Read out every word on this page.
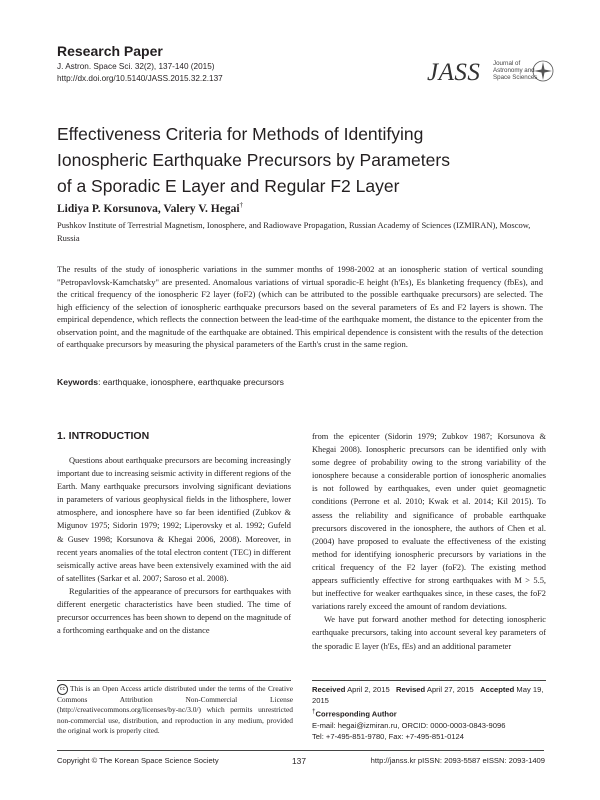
Research Paper
J. Astron. Space Sci. 32(2), 137-140 (2015)
http://dx.doi.org/10.5140/JASS.2015.32.2.137	JASS Journal of
Astronomy and
Space Sciences
Effectiveness Criteria for Methods of Identifying
Ionospheric Earthquake Precursors by Parameters
of a Sporadic E Layer and Regular F2 Layer
Lidiya P. Korsunova, Valery V. Hegai†
Pushkov Institute of Terrestrial Magnetism, Ionosphere, and Radiowave Propagation, Russian Academy of Sciences (IZMIRAN), Moscow, Russia
The results of the study of ionospheric variations in the summer months of 1998-2002 at an ionospheric station of vertical sounding "Petropavlovsk-Kamchatsky" are presented. Anomalous variations of virtual sporadic-E height (h'Es), Es blanketing frequency (fbEs), and the critical frequency of the ionospheric F2 layer (foF2) (which can be attributed to the possible earthquake precursors) are selected. The high efficiency of the selection of ionospheric earthquake precursors based on the several parameters of Es and F2 layers is shown. The empirical dependence, which reflects the connection between the lead-time of the earthquake moment, the distance to the epicenter from the observation point, and the magnitude of the earthquake are obtained. This empirical dependence is consistent with the results of the detection of earthquake precursors by measuring the physical parameters of the Earth's crust in the same region.
Keywords: earthquake, ionosphere, earthquake precursors
1. INTRODUCTION

Questions about earthquake precursors are becoming increasingly important due to increasing seismic activity in different regions of the Earth. Many earthquake precursors involving significant deviations in parameters of various geophysical fields in the lithosphere, lower atmosphere, and ionosphere have so far been identified (Zubkov & Migunov 1975; Sidorin 1979; 1992; Liperovsky et al. 1992; Gufeld & Gusev 1998; Korsunova & Khegai 2006, 2008). Moreover, in recent years anomalies of the total electron content (TEC) in different seismically active areas have been extensively examined with the aid of satellites (Sarkar et al. 2007; Saroso et al. 2008).

Regularities of the appearance of precursors for earthquakes with different energetic characteristics have been studied. The time of precursor occurrences has been shown to depend on the magnitude of a forthcoming earthquake and on the distance

from the epicenter (Sidorin 1979; Zubkov 1987; Korsunova & Khegai 2008). Ionospheric precursors can be identified only with some degree of probability owing to the strong variability of the ionosphere because a considerable portion of ionospheric anomalies is not followed by earthquakes, even under quiet geomagnetic conditions (Perrone et al. 2010; Kwak et al. 2014; Kil 2015). To assess the reliability and significance of probable earthquake precursors discovered in the ionosphere, the authors of Chen et al. (2004) have proposed to evaluate the effectiveness of the existing method for identifying ionospheric precursors by variations in the critical frequency of the F2 layer (foF2). The existing method appears sufficiently effective for strong earthquakes with M > 5.5, but ineffective for weaker earthquakes since, in these cases, the foF2 variations rarely exceed the amount of random deviations.

We have put forward another method for detecting ionospheric earthquake precursors, taking into account several key parameters of the sporadic E layer (h'Es, fEs) and an additional parameter

cc This is an Open Access article distributed under the terms of the Creative Commons Attribution Non-Commercial License (http://creativecommons.org/licenses/by-nc/3.0/) which permits unrestricted non-commercial use, distribution, and reproduction in any medium, provided the original work is properly cited.
Received April 2, 2015 Revised April 27, 2015 Accepted May 19, 2015
†Corresponding Author
E-mail: hegai@izmiran.ru, ORCID: 0000-0003-0843-9096
Tel: +7-495-851-9780, Fax: +7-495-851-0124
Copyright © The Korean Space Science Society	137	http://janss.kr pISSN: 2093-5587 eISSN: 2093-1409
